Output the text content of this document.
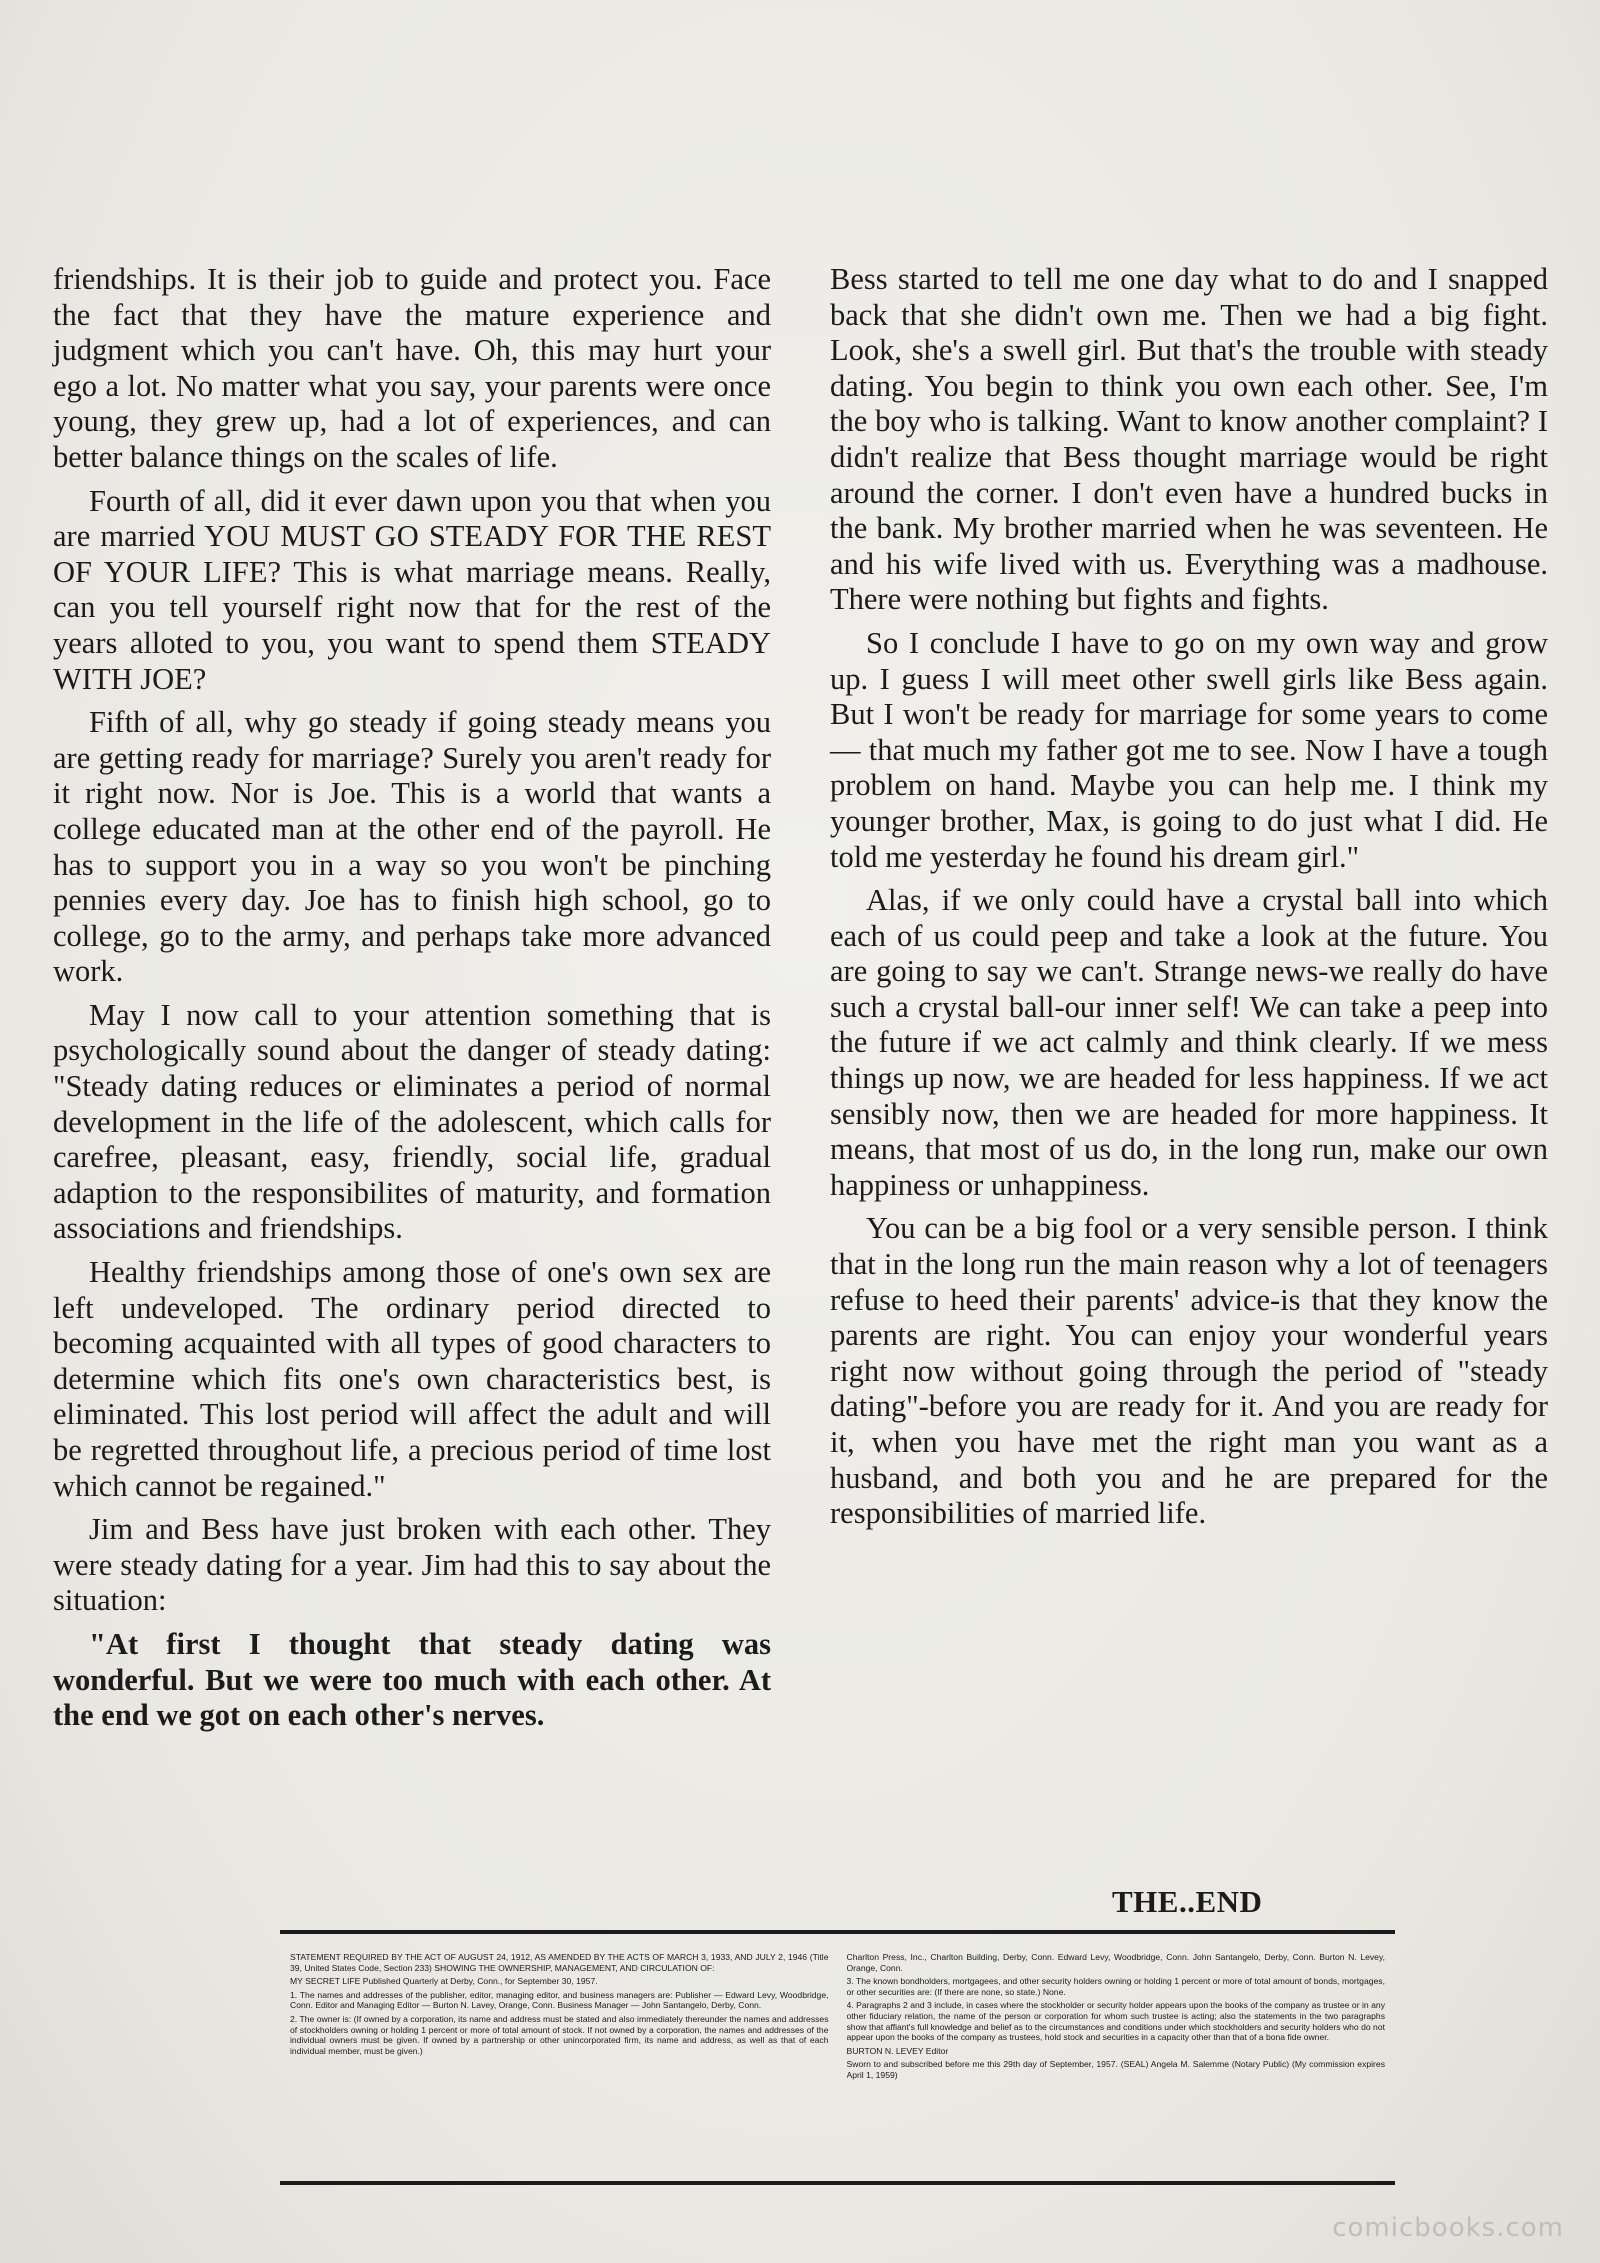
friendships. It is their job to guide and protect you. Face the fact that they have the mature experience and judgment which you can't have. Oh, this may hurt your ego a lot. No matter what you say, your parents were once young, they grew up, had a lot of experiences, and can better balance things on the scales of life.

Fourth of all, did it ever dawn upon you that when you are married YOU MUST GO STEADY FOR THE REST OF YOUR LIFE? This is what marriage means. Really, can you tell yourself right now that for the rest of the years alloted to you, you want to spend them STEADY WITH JOE?

Fifth of all, why go steady if going steady means you are getting ready for marriage? Surely you aren't ready for it right now. Nor is Joe. This is a world that wants a college educated man at the other end of the payroll. He has to support you in a way so you won't be pinching pennies every day. Joe has to finish high school, go to college, go to the army, and perhaps take more advanced work.

May I now call to your attention something that is psychologically sound about the danger of steady dating: "Steady dating reduces or eliminates a period of normal development in the life of the adolescent, which calls for carefree, pleasant, easy, friendly, social life, gradual adaption to the responsibilites of maturity, and formation associations and friendships.

Healthy friendships among those of one's own sex are left undeveloped. The ordinary period directed to becoming acquainted with all types of good characters to determine which fits one's own characteristics best, is eliminated. This lost period will affect the adult and will be regretted throughout life, a precious period of time lost which cannot be regained."

Jim and Bess have just broken with each other. They were steady dating for a year. Jim had this to say about the situation:

"At first I thought that steady dating was wonderful. But we were too much with each other. At the end we got on each other's nerves.

Bess started to tell me one day what to do and I snapped back that she didn't own me. Then we had a big fight. Look, she's a swell girl. But that's the trouble with steady dating. You begin to think you own each other. See, I'm the boy who is talking. Want to know another complaint? I didn't realize that Bess thought marriage would be right around the corner. I don't even have a hundred bucks in the bank. My brother married when he was seventeen. He and his wife lived with us. Everything was a madhouse. There were nothing but fights and fights.

So I conclude I have to go on my own way and grow up. I guess I will meet other swell girls like Bess again. But I won't be ready for marriage for some years to come — that much my father got me to see. Now I have a tough problem on hand. Maybe you can help me. I think my younger brother, Max, is going to do just what I did. He told me yesterday he found his dream girl."

Alas, if we only could have a crystal ball into which each of us could peep and take a look at the future. You are going to say we can't. Strange news-we really do have such a crystal ball-our inner self! We can take a peep into the future if we act calmly and think clearly. If we mess things up now, we are headed for less happiness. If we act sensibly now, then we are headed for more happiness. It means, that most of us do, in the long run, make our own happiness or unhappiness.

You can be a big fool or a very sensible person. I think that in the long run the main reason why a lot of teenagers refuse to heed their parents' advice-is that they know the parents are right. You can enjoy your wonderful years right now without going through the period of "steady dating"-before you are ready for it. And you are ready for it, when you have met the right man you want as a husband, and both you and he are prepared for the responsibilities of married life.

THE..END

STATEMENT REQUIRED BY THE ACT OF AUGUST 24, 1912, AS AMENDED BY THE ACTS OF MARCH 3, 1933, AND JULY 2, 1946 (Title 39, United States Code, Section 233) SHOWING THE OWNERSHIP, MANAGEMENT, AND CIRCULATION OF:

MY SECRET LIFE Published Quarterly at Derby, Conn., for September 30, 1957.

1. The names and addresses of the publisher, editor, managing editor, and business managers are: Publisher — Edward Levy, Woodbridge, Conn. Editor and Managing Editor — Burton N. Lavey, Orange, Conn. Business Manager — John Santangelo, Derby, Conn.

2. The owner is: (If owned by a corporation, its name and address must be stated and also immediately thereunder the names and addresses of stockholders owning or holding 1 percent or more of total amount of stock. If not owned by a corporation, the names and addresses of the individual owners must be given. If owned by a partnership or other unincorporated firm, its name and address, as well as that of each individual member, must be given.)

Charlton Press, Inc., Charlton Building, Derby, Conn. Edward Levy, Woodbridge, Conn. John Santangelo, Derby, Conn. Burton N. Levey, Orange, Conn.

3. The known bondholders, mortgagees, and other security holders owning or holding 1 percent or more of total amount of bonds, mortgages, or other securities are: (If there are none, so state.) None.

4. Paragraphs 2 and 3 include, in cases where the stockholder or security holder appears upon the books of the company as trustee or in any other fiduciary relation, the name of the person or corporation for whom such trustee is acting; also the statements in the two paragraphs show that affiant's full knowledge and belief as to the circumstances and conditions under which stockholders and security holders who do not appear upon the books of the company as trustees, hold stock and securities in a capacity other than that of a bona fide owner.

BURTON N. LEVEY Editor

Sworn to and subscribed before me this 29th day of September, 1957. (SEAL) Angela M. Salemme (Notary Public) (My commission expires April 1, 1959)

comicbooks.com
